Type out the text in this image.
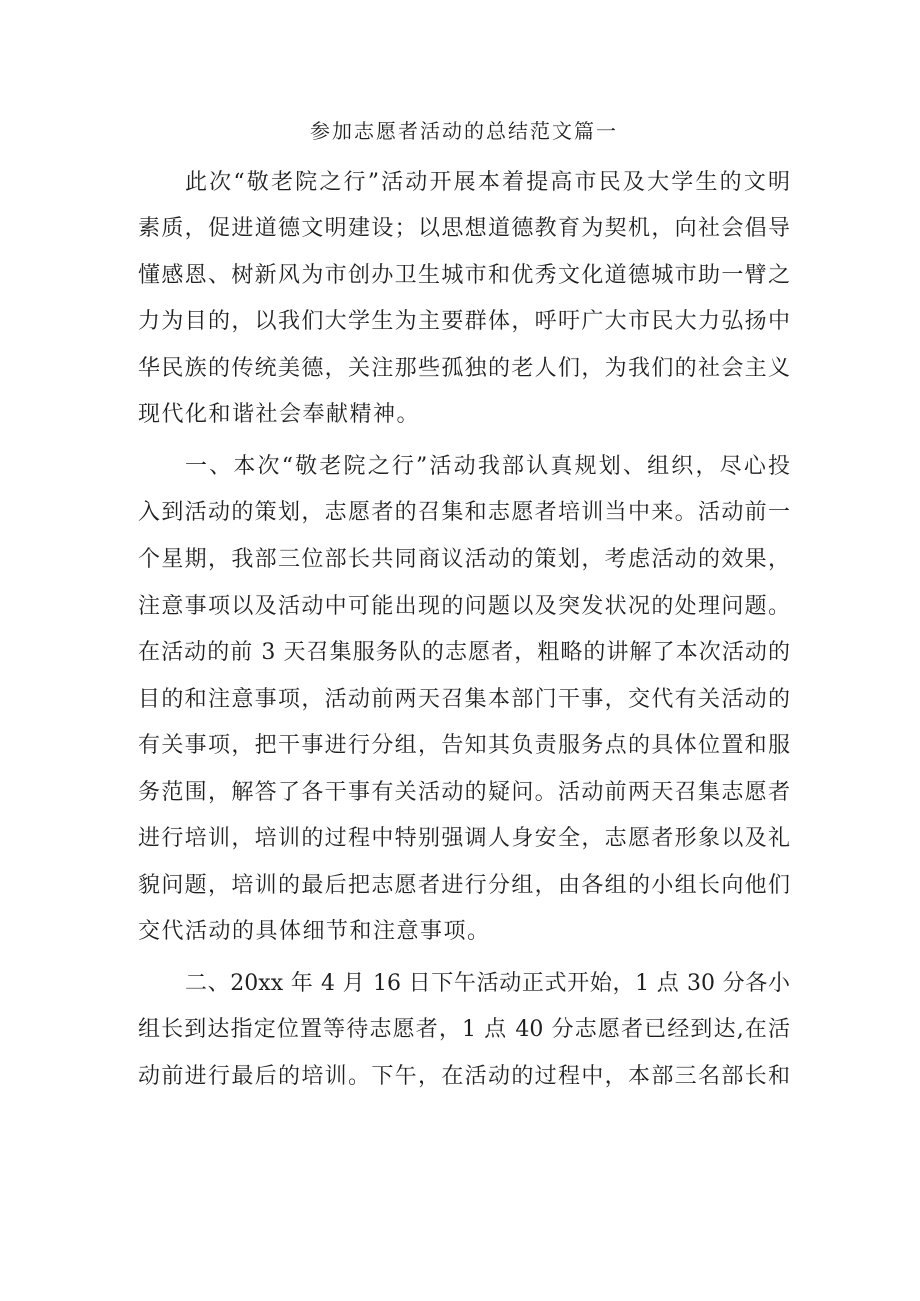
参加志愿者活动的总结范文篇一
此次“敬老院之行”活动开展本着提高市民及大学生的文明
素质，促进道德文明建设；以思想道德教育为契机，向社会倡导
懂感恩、树新风为市创办卫生城市和优秀文化道德城市助一臂之
力为目的，以我们大学生为主要群体，呼吁广大市民大力弘扬中
华民族的传统美德，关注那些孤独的老人们，为我们的社会主义
现代化和谐社会奉献精神。
一、本次“敬老院之行”活动我部认真规划、组织，尽心投
入到活动的策划，志愿者的召集和志愿者培训当中来。活动前一
个星期，我部三位部长共同商议活动的策划，考虑活动的效果，
注意事项以及活动中可能出现的问题以及突发状况的处理问题。
在活动的前 3 天召集服务队的志愿者，粗略的讲解了本次活动的
目的和注意事项，活动前两天召集本部门干事，交代有关活动的
有关事项，把干事进行分组，告知其负责服务点的具体位置和服
务范围，解答了各干事有关活动的疑问。活动前两天召集志愿者
进行培训，培训的过程中特别强调人身安全，志愿者形象以及礼
貌问题，培训的最后把志愿者进行分组，由各组的小组长向他们
交代活动的具体细节和注意事项。
二、20xx 年 4 月 16 日下午活动正式开始，1 点 30 分各小
组长到达指定位置等待志愿者，1 点 40 分志愿者已经到达,在活
动前进行最后的培训。下午，在活动的过程中，本部三名部长和
